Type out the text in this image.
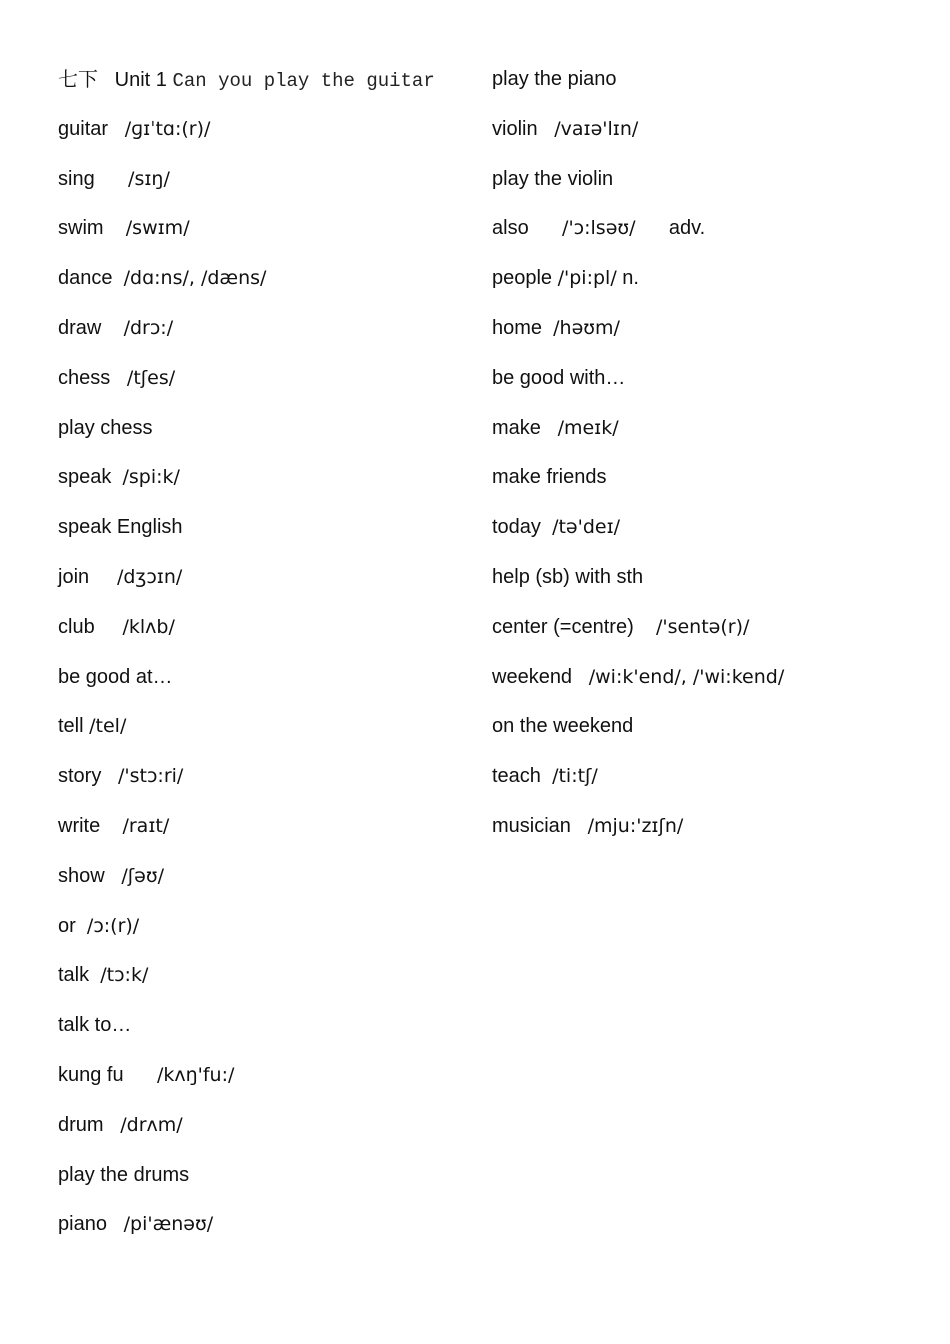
七下 Unit 1 Can you play the guitar
guitar /ɡɪˈtɑ:(r)/
sing /sɪŋ/
swim /swɪm/
dance /dɑ:ns/, /dæns/
draw /drɔ:/
chess /tʃes/
play chess
speak /spi:k/
speak English
join /dʒɔɪn/
club /klʌb/
be good at…
tell /tel/
story /'stɔ:ri/
write /raɪt/
show /ʃəʊ/
or /ɔ:(r)/
talk /tɔ:k/
talk to…
kung fu /kʌŋ'fu:/
drum /drʌm/
play the drums
piano /pi'ænəʊ/
play the piano
violin /vaɪə'lɪn/
play the violin
also /'ɔ:lsəʊ/ adv.
people /'pi:pl/ n.
home /həʊm/
be good with…
make /meɪk/
make friends
today /tə'deɪ/
help (sb) with sth
center (=centre) /'sentə(r)/
weekend /wi:k'end/, /'wi:kend/
on the weekend
teach /ti:tʃ/
musician /mju:'zɪʃn/
